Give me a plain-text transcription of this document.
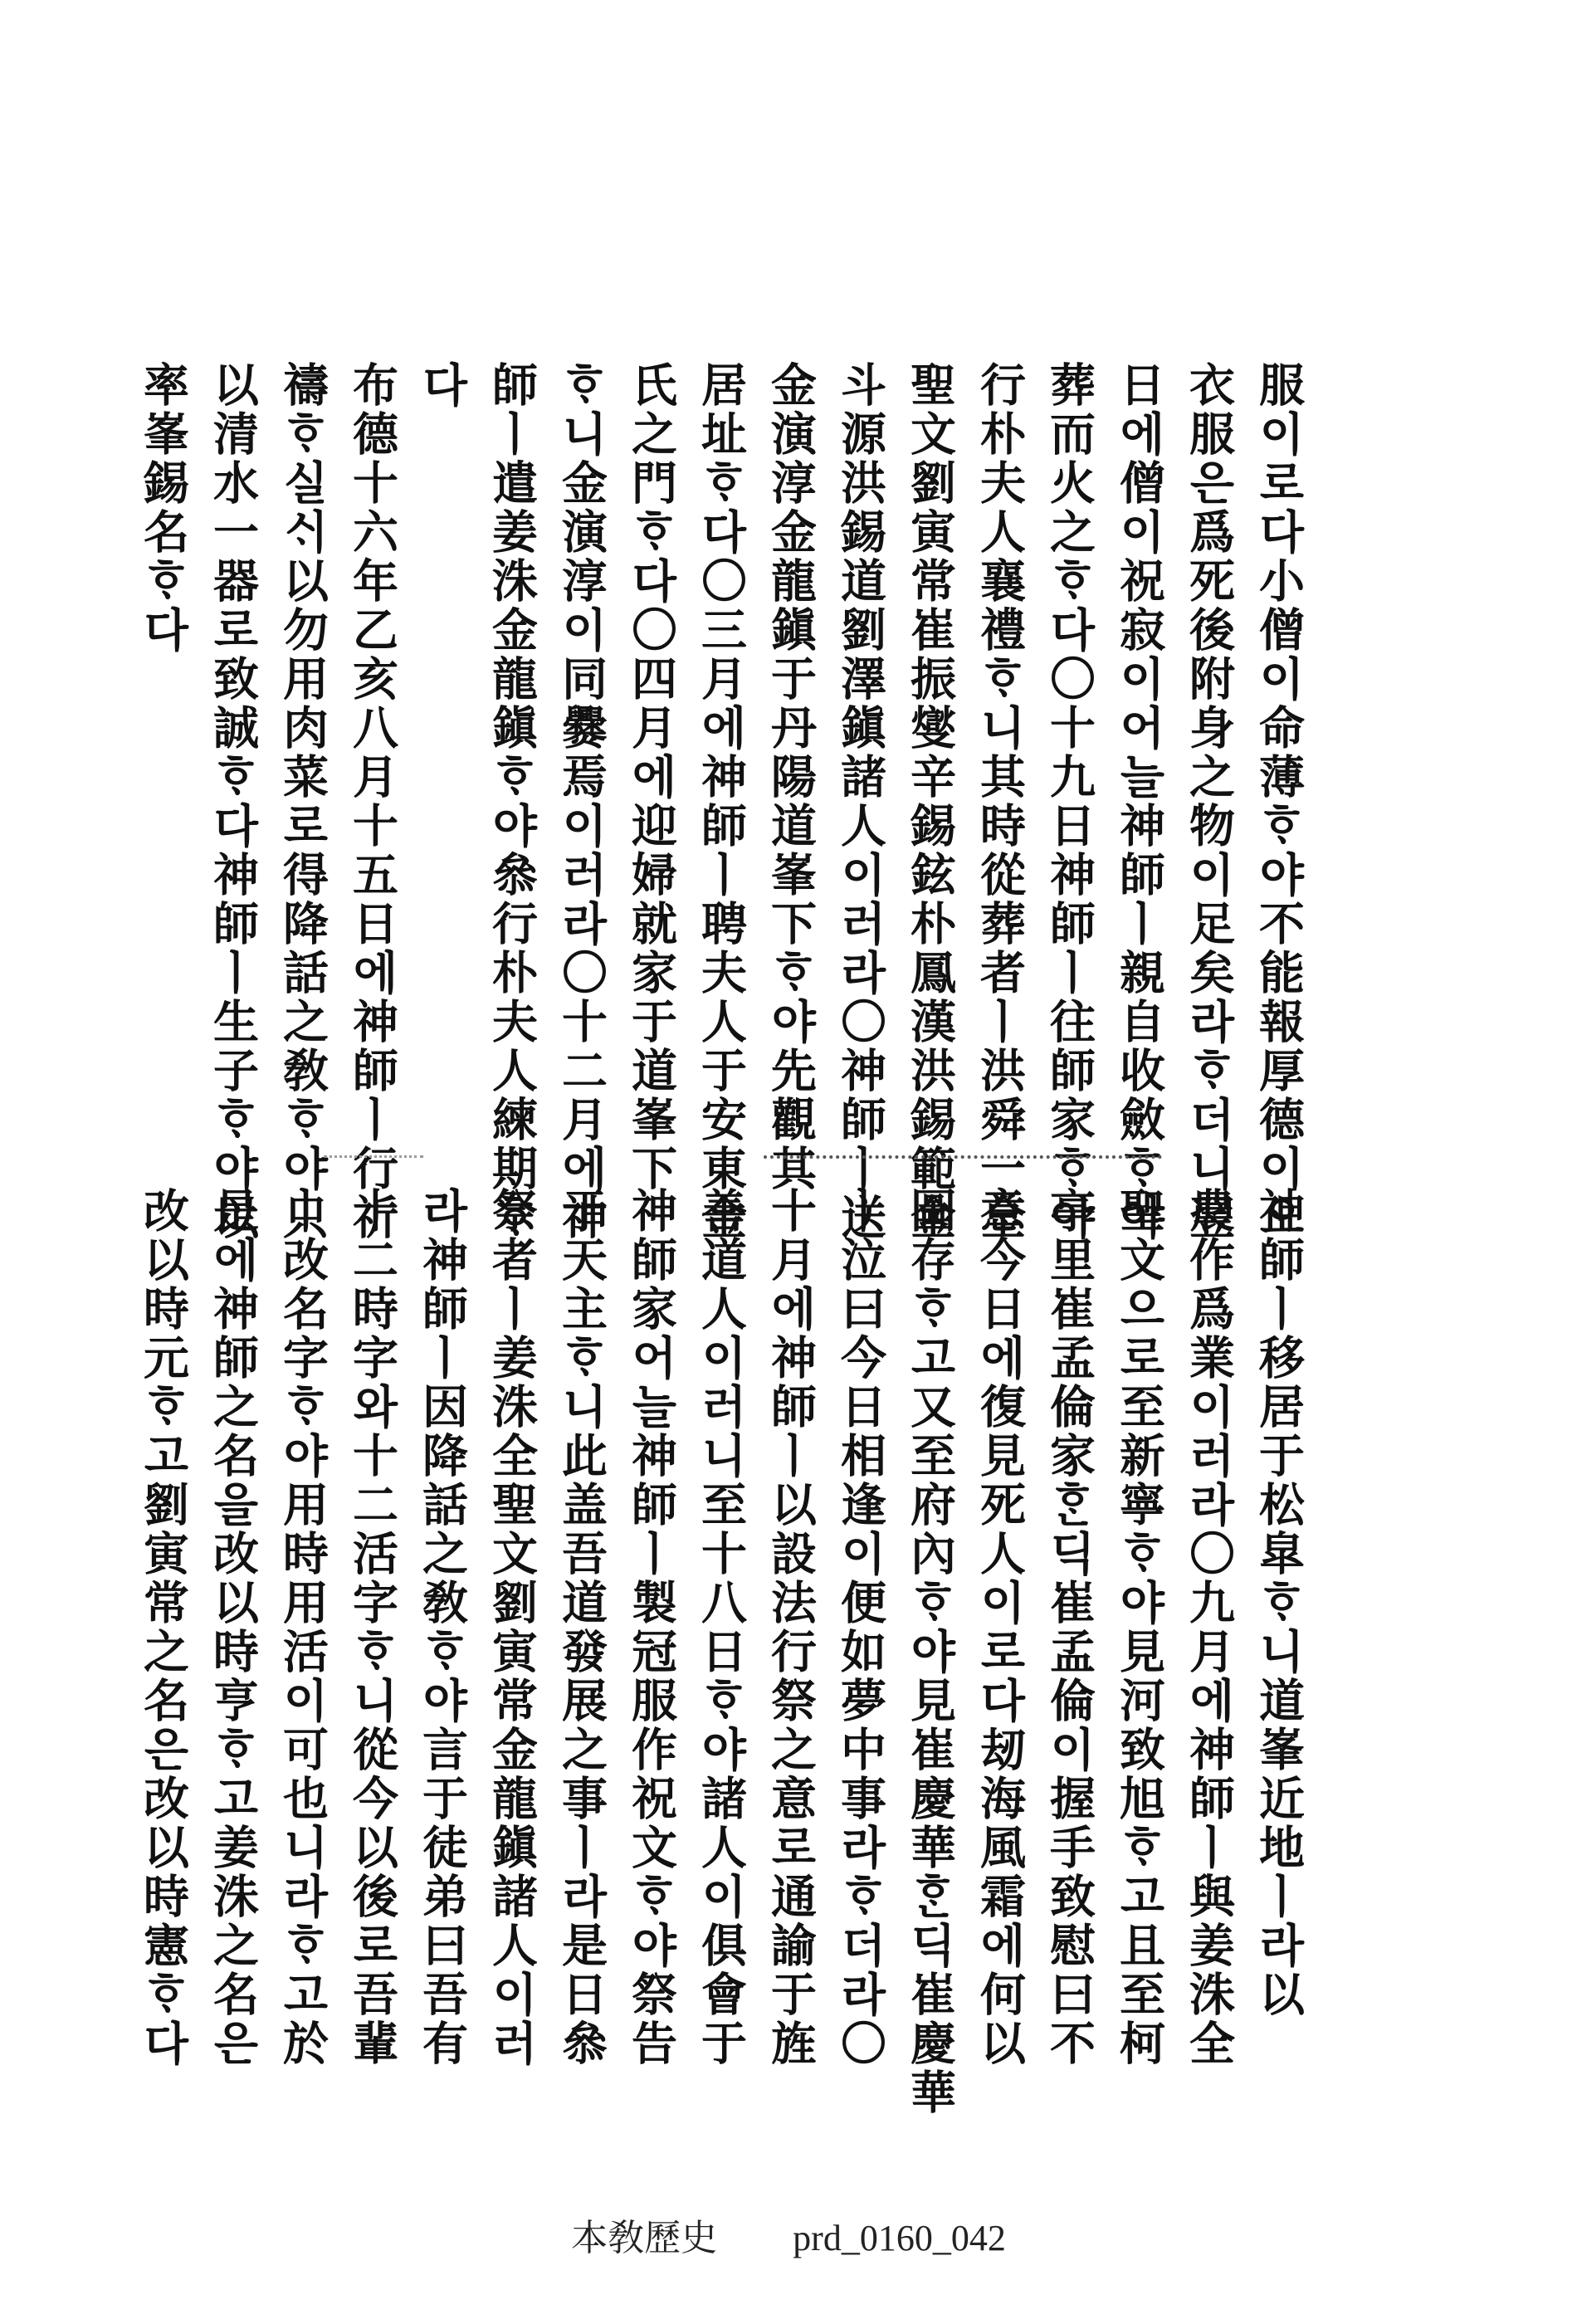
服이로다小僧이命薄ᄒᆞ야不能報厚德이오

衣服은爲死後附身之物이足矣라ᄒᆞ더니翌

日에僧이祝寂이어늘神師ㅣ親自收斂ᄒᆞ야

葬而火之ᄒᆞ다〇十九日神師ㅣ往師家ᄒᆞ야

行朴夫人襄禮ᄒᆞ니其時從葬者ㅣ洪舜一全

聖文劉寅常崔振燮辛錫鉉朴鳳漢洪錫範金

斗源洪錫道劉澤鎭諸人이러라〇神師ㅣ送

金演淳金龍鎭于丹陽道峯下ᄒᆞ야先觀其

居址ᄒᆞ다〇三月에神師ㅣ聘夫人于安東金

氏之門ᄒᆞ다〇四月에迎婦就家于道峯下

ᄒᆞ니金演淳이同爨焉이러라〇十二月에神

師ㅣ遣姜洙金龍鎭ᄒᆞ야叅行朴夫人練期ᄒᆞ

다

布德十六年乙亥八月十五日에神師ㅣ行祈

禱ᄒᆞ실ᄉᆡ以勿用肉菜로得降話之敎ᄒᆞ야只

以清水一器로致誠ᄒᆞ다神師ㅣ生子ᄒᆞ야以

率峯錫名ᄒᆞ다

神師ㅣ移居于松皐ᄒᆞ니道峯近地ㅣ라以

農作爲業이러라〇九月에神師ㅣ與姜洙全

聖文으로至新寧ᄒᆞ야見河致旭ᄒᆞ고且至柯

亭里崔孟倫家ᄒᆞᆫ딕崔孟倫이握手致慰曰不

意今日에復見死人이로다刼海風霜에何以

圖存ᄒᆞ고又至府內ᄒᆞ야見崔慶華ᄒᆞᆫ딕崔慶華

ㅣ泣曰今日相逢이便如夢中事라ᄒᆞ더라〇

十月에神師ㅣ以設法行祭之意로通諭于旌

善道人이러니至十八日ᄒᆞ야諸人이俱會于

神師家어늘神師ㅣ製冠服作祝文ᄒᆞ야祭告

于天主ᄒᆞ니此盖吾道發展之事ㅣ라是日叅

祭者ㅣ姜洙全聖文劉寅常金龍鎭諸人이러

라神師ㅣ因降話之敎ᄒᆞ야言于徒弟曰吾有

十二時字와十二活字ᄒᆞ니從今以後로吾輩

ㅣ改名字ᄒᆞ야用時用活이可也니라ᄒᆞ고於

是에神師之名을改以時亨ᄒᆞ고姜洙之名은

改以時元ᄒᆞ고劉寅常之名은改以時憲ᄒᆞ다

本敎歷史 prd_0160_042
